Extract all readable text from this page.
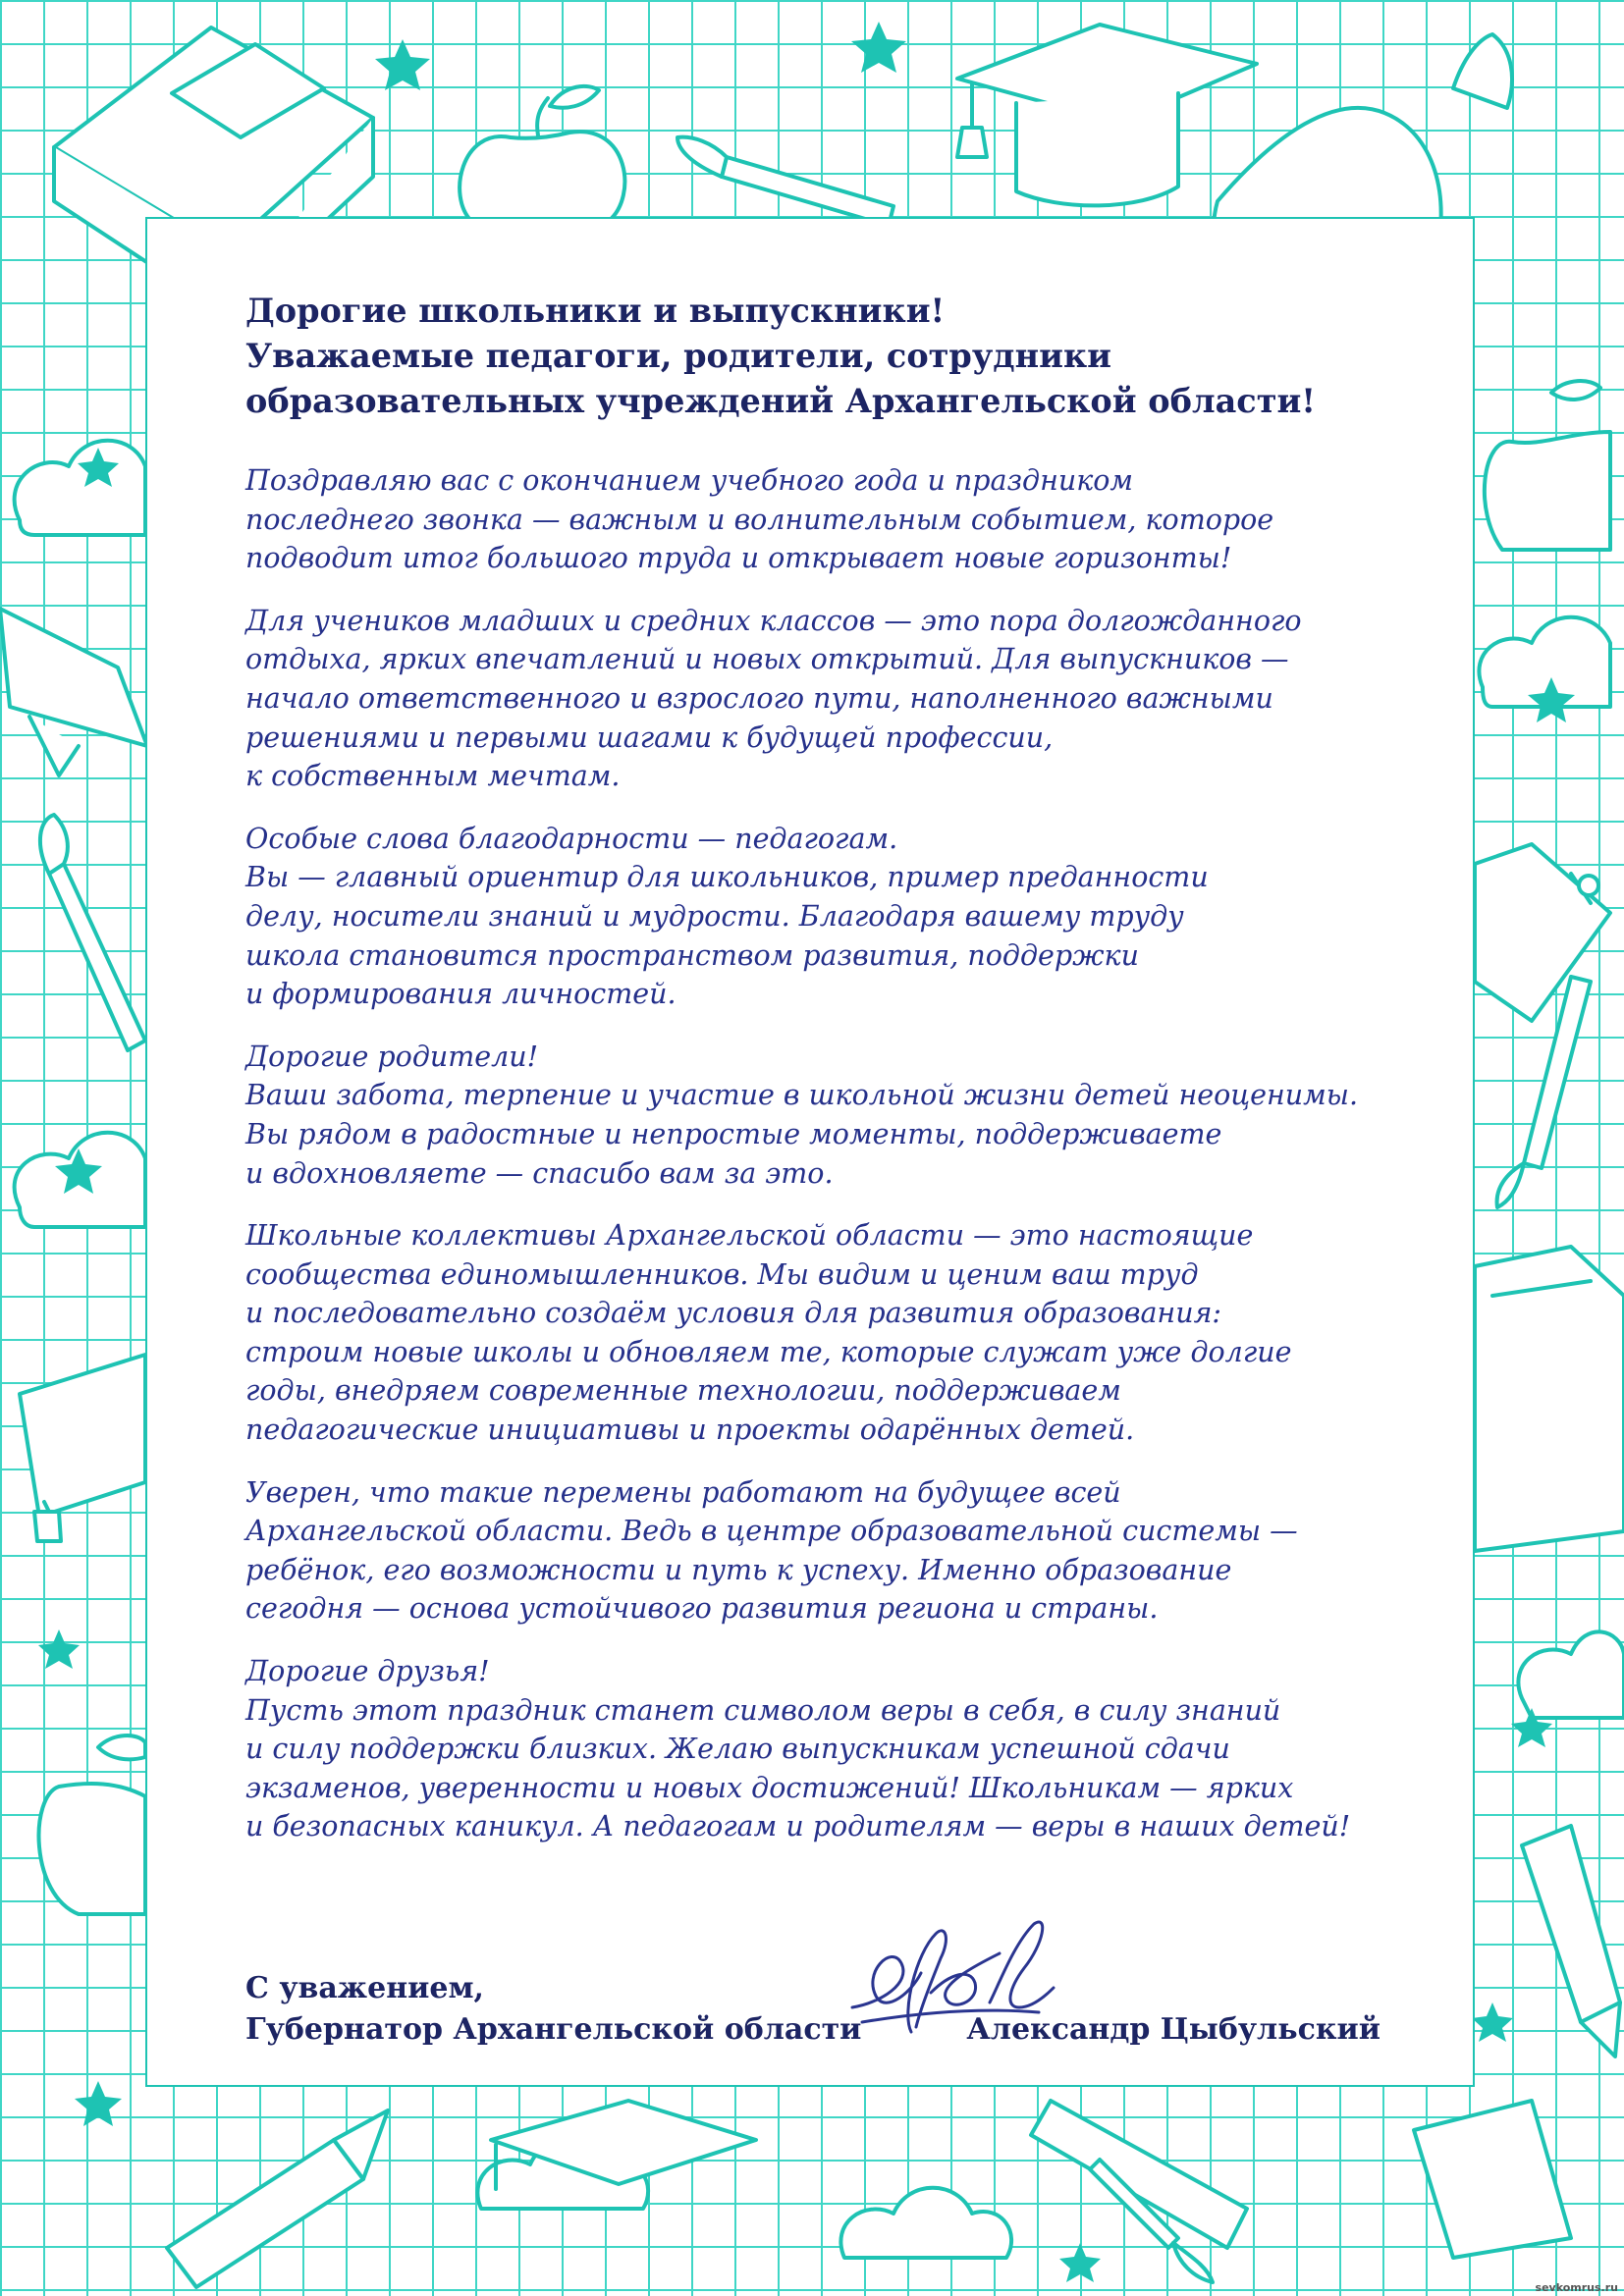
Дорогие школьники и выпускники!
Уважаемые педагоги, родители, сотрудники
образовательных учреждений Архангельской области!

Поздравляю вас с окончанием учебного года и праздником
последнего звонка — важным и волнительным событием, которое
подводит итог большого труда и открывает новые горизонты!

Для учеников младших и средних классов — это пора долгожданного
отдыха, ярких впечатлений и новых открытий. Для выпускников —
начало ответственного и взрослого пути, наполненного важными
решениями и первыми шагами к будущей профессии,
к собственным мечтам.

Особые слова благодарности — педагогам.
Вы — главный ориентир для школьников, пример преданности
делу, носители знаний и мудрости. Благодаря вашему труду
школа становится пространством развития, поддержки
и формирования личностей.

Дорогие родители!
Ваши забота, терпение и участие в школьной жизни детей неоценимы.
Вы рядом в радостные и непростые моменты, поддерживаете
и вдохновляете — спасибо вам за это.

Школьные коллективы Архангельской области — это настоящие
сообщества единомышленников. Мы видим и ценим ваш труд
и последовательно создаём условия для развития образования:
строим новые школы и обновляем те, которые служат уже долгие
годы, внедряем современные технологии, поддерживаем
педагогические инициативы и проекты одарённых детей.

Уверен, что такие перемены работают на будущее всей
Архангельской области. Ведь в центре образовательной системы —
ребёнок, его возможности и путь к успеху. Именно образование
сегодня — основа устойчивого развития региона и страны.

Дорогие друзья!
Пусть этот праздник станет символом веры в себя, в силу знаний
и силу поддержки близких. Желаю выпускникам успешной сдачи
экзаменов, уверенности и новых достижений! Школьникам — ярких
и безопасных каникул. А педагогам и родителям — веры в наших детей!

С уважением,
Губернатор Архангельской области	Александр Цыбульский
sevkomrus.ru
